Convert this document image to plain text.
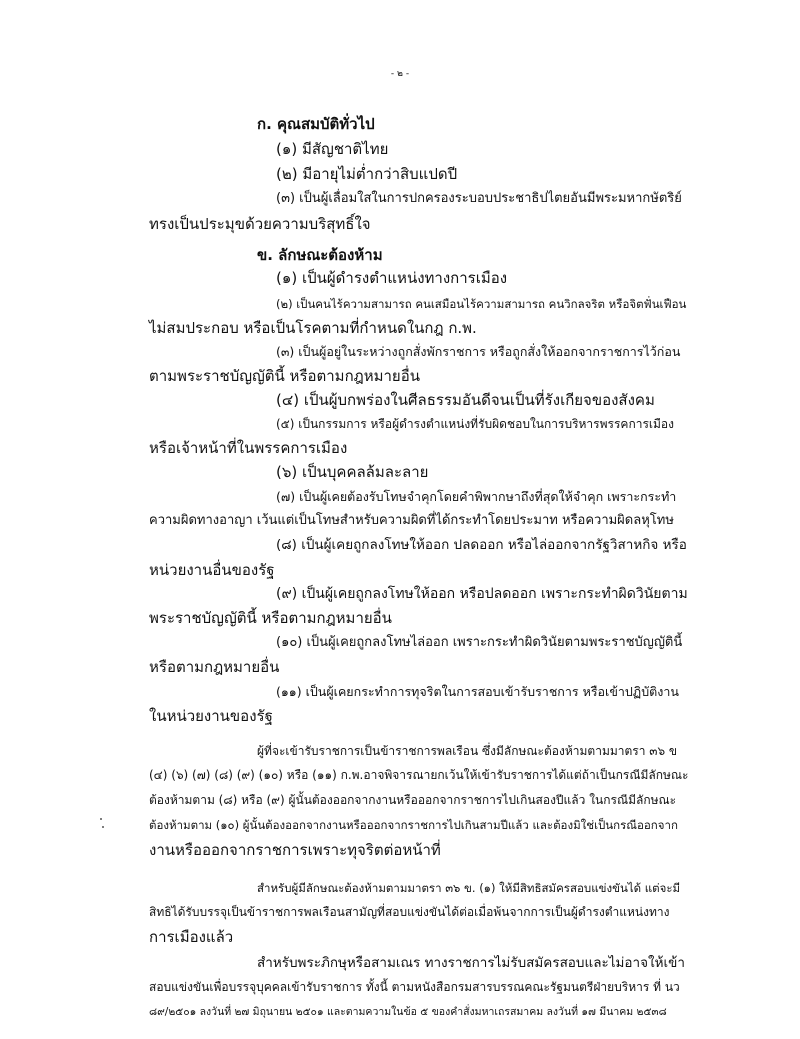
- ๒ -
ก. คุณสมบัติทั่วไป
(๑) มีสัญชาติไทย
(๒) มีอายุไม่ต่ำกว่าสิบแปดปี
(๓) เป็นผู้เลื่อมใสในการปกครองระบอบประชาธิปไตยอันมีพระมหากษัตริย์
ทรงเป็นประมุขด้วยความบริสุทธิ์ใจ
ข. ลักษณะต้องห้าม
(๑) เป็นผู้ดำรงตำแหน่งทางการเมือง
(๒) เป็นคนไร้ความสามารถ คนเสมือนไร้ความสามารถ คนวิกลจริต หรือจิตฟั่นเฟือน
ไม่สมประกอบ หรือเป็นโรคตามที่กำหนดในกฎ ก.พ.
(๓) เป็นผู้อยู่ในระหว่างถูกสั่งพักราชการ หรือถูกสั่งให้ออกจากราชการไว้ก่อน
ตามพระราชบัญญัตินี้ หรือตามกฎหมายอื่น
(๔) เป็นผู้บกพร่องในศีลธรรมอันดีจนเป็นที่รังเกียจของสังคม
(๕) เป็นกรรมการ หรือผู้ดำรงตำแหน่งที่รับผิดชอบในการบริหารพรรคการเมือง
หรือเจ้าหน้าที่ในพรรคการเมือง
(๖) เป็นบุคคลล้มละลาย
(๗) เป็นผู้เคยต้องรับโทษจำคุกโดยคำพิพากษาถึงที่สุดให้จำคุก เพราะกระทำ
ความผิดทางอาญา เว้นแต่เป็นโทษสำหรับความผิดที่ได้กระทำโดยประมาท หรือความผิดลหุโทษ
(๘) เป็นผู้เคยถูกลงโทษให้ออก ปลดออก หรือไล่ออกจากรัฐวิสาหกิจ หรือ
หน่วยงานอื่นของรัฐ
(๙) เป็นผู้เคยถูกลงโทษให้ออก หรือปลดออก เพราะกระทำผิดวินัยตาม
พระราชบัญญัตินี้ หรือตามกฎหมายอื่น
(๑๐) เป็นผู้เคยถูกลงโทษไล่ออก เพราะกระทำผิดวินัยตามพระราชบัญญัตินี้
หรือตามกฎหมายอื่น
(๑๑) เป็นผู้เคยกระทำการทุจริตในการสอบเข้ารับราชการ หรือเข้าปฏิบัติงาน
ในหน่วยงานของรัฐ
ผู้ที่จะเข้ารับราชการเป็นข้าราชการพลเรือน ซึ่งมีลักษณะต้องห้ามตามมาตรา ๓๖ ข
(๔) (๖) (๗) (๘) (๙) (๑๐) หรือ (๑๑) ก.พ.อาจพิจารณายกเว้นให้เข้ารับราชการได้แต่ถ้าเป็นกรณีมีลักษณะ
ต้องห้ามตาม (๘) หรือ (๙) ผู้นั้นต้องออกจากงานหรือออกจากราชการไปเกินสองปีแล้ว ในกรณีมีลักษณะ
ต้องห้ามตาม (๑๐) ผู้นั้นต้องออกจากงานหรือออกจากราชการไปเกินสามปีแล้ว และต้องมิใช่เป็นกรณีออกจาก
งานหรือออกจากราชการเพราะทุจริตต่อหน้าที่
สำหรับผู้มีลักษณะต้องห้ามตามมาตรา ๓๖ ข. (๑) ให้มีสิทธิสมัครสอบแข่งขันได้ แต่จะมี
สิทธิได้รับบรรจุเป็นข้าราชการพลเรือนสามัญที่สอบแข่งขันได้ต่อเมื่อพ้นจากการเป็นผู้ดำรงตำแหน่งทาง
การเมืองแล้ว
สำหรับพระภิกษุหรือสามเณร ทางราชการไม่รับสมัครสอบและไม่อาจให้เข้า
สอบแข่งขันเพื่อบรรจุบุคคลเข้ารับราชการ ทั้งนี้ ตามหนังสือกรมสารบรรณคณะรัฐมนตรีฝ่ายบริหาร ที่ นว
๘๙/๒๕๐๑ ลงวันที่ ๒๗ มิถุนายน ๒๕๐๑ และตามความในข้อ ๕ ของคำสั่งมหาเถรสมาคม ลงวันที่ ๑๗ มีนาคม ๒๕๓๘
